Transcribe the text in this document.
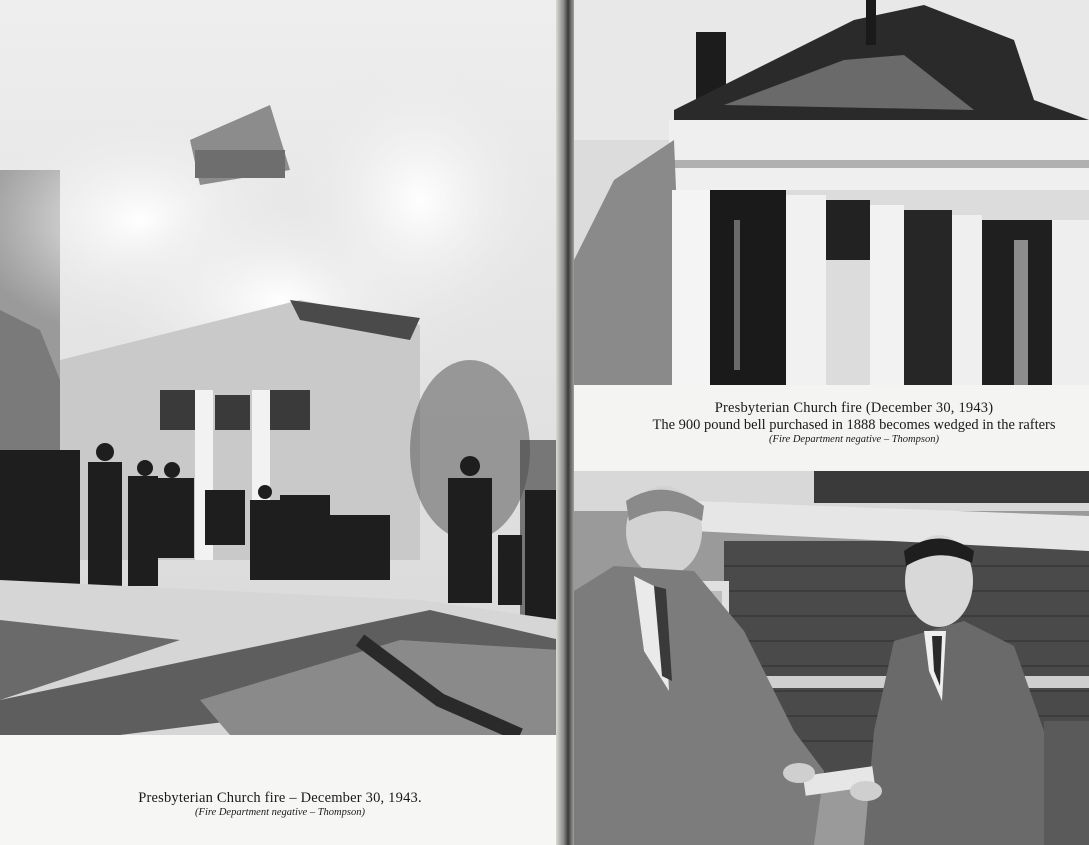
Presbyterian Church fire – December 30, 1943.
(Fire Department negative – Thompson)
Presbyterian Church fire (December 30, 1943)
The 900 pound bell purchased in 1888 becomes wedged in the rafters
(Fire Department negative – Thompson)
